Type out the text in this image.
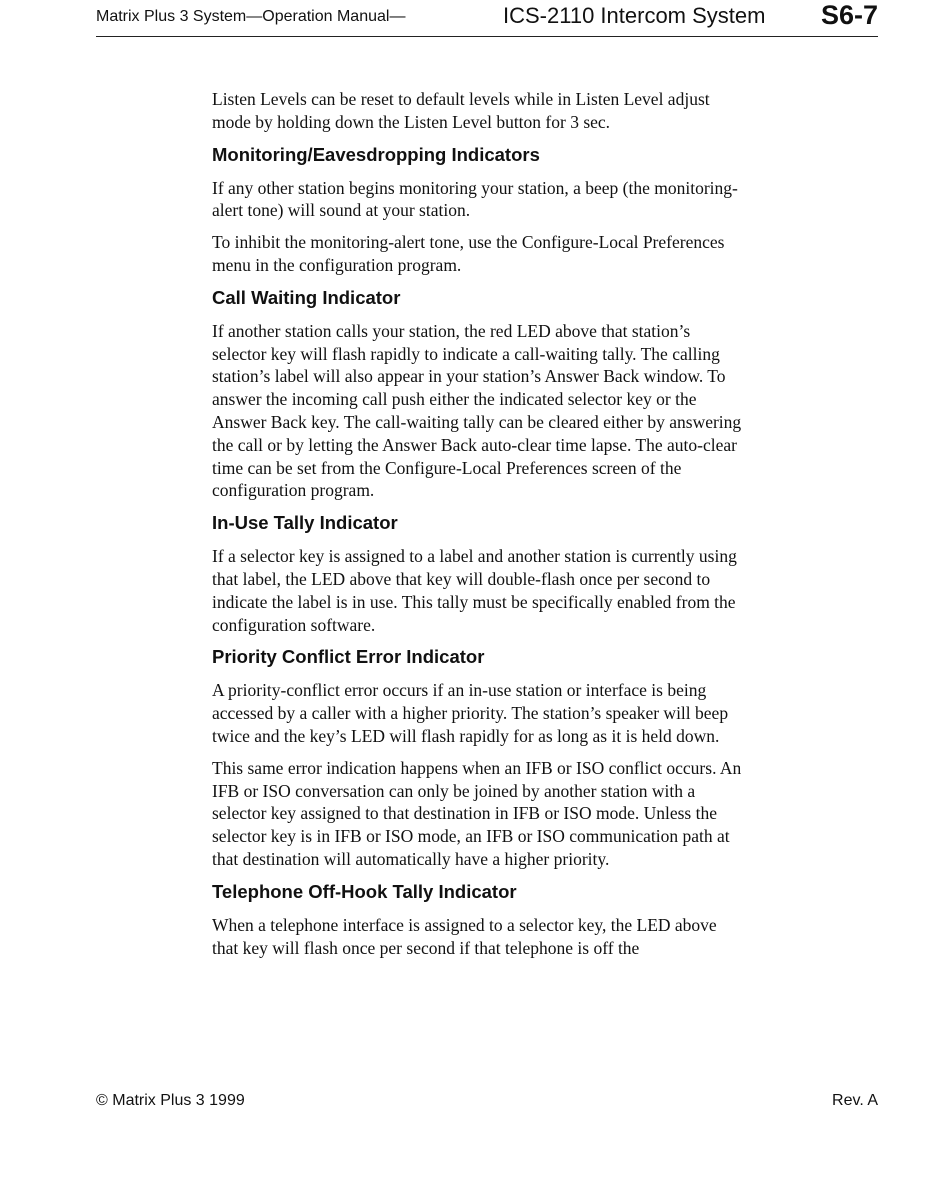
Matrix Plus 3 System—Operation Manual—	ICS-2110 Intercom System S6-7

Listen Levels can be reset to default levels while in Listen Level adjust mode by holding down the Listen Level button for 3 sec.

Monitoring/Eavesdropping Indicators

If any other station begins monitoring your station, a beep (the monitoring-alert tone) will sound at your station.

To inhibit the monitoring-alert tone, use the Configure-Local Preferences menu in the configuration program.

Call Waiting Indicator

If another station calls your station, the red LED above that station’s selector key will flash rapidly to indicate a call-waiting tally. The calling station’s label will also appear in your station’s Answer Back window. To answer the incoming call push either the indicated selector key or the Answer Back key. The call-waiting tally can be cleared either by answering the call or by letting the Answer Back auto-clear time lapse. The auto-clear time can be set from the Configure-Local Preferences screen of the configuration program.

In-Use Tally Indicator

If a selector key is assigned to a label and another station is currently using that label, the LED above that key will double-flash once per second to indicate the label is in use. This tally must be specifically enabled from the configuration software.

Priority Conflict Error Indicator

A priority-conflict error occurs if an in-use station or interface is being accessed by a caller with a higher priority. The station’s speaker will beep twice and the key’s LED will flash rapidly for as long as it is held down.

This same error indication happens when an IFB or ISO conflict occurs. An IFB or ISO conversation can only be joined by another station with a selector key assigned to that destination in IFB or ISO mode. Unless the selector key is in IFB or ISO mode, an IFB or ISO communication path at that destination will automatically have a higher priority.

Telephone Off-Hook Tally Indicator

When a telephone interface is assigned to a selector key, the LED above that key will flash once per second if that telephone is off the

© Matrix Plus 3 1999	Rev. A
